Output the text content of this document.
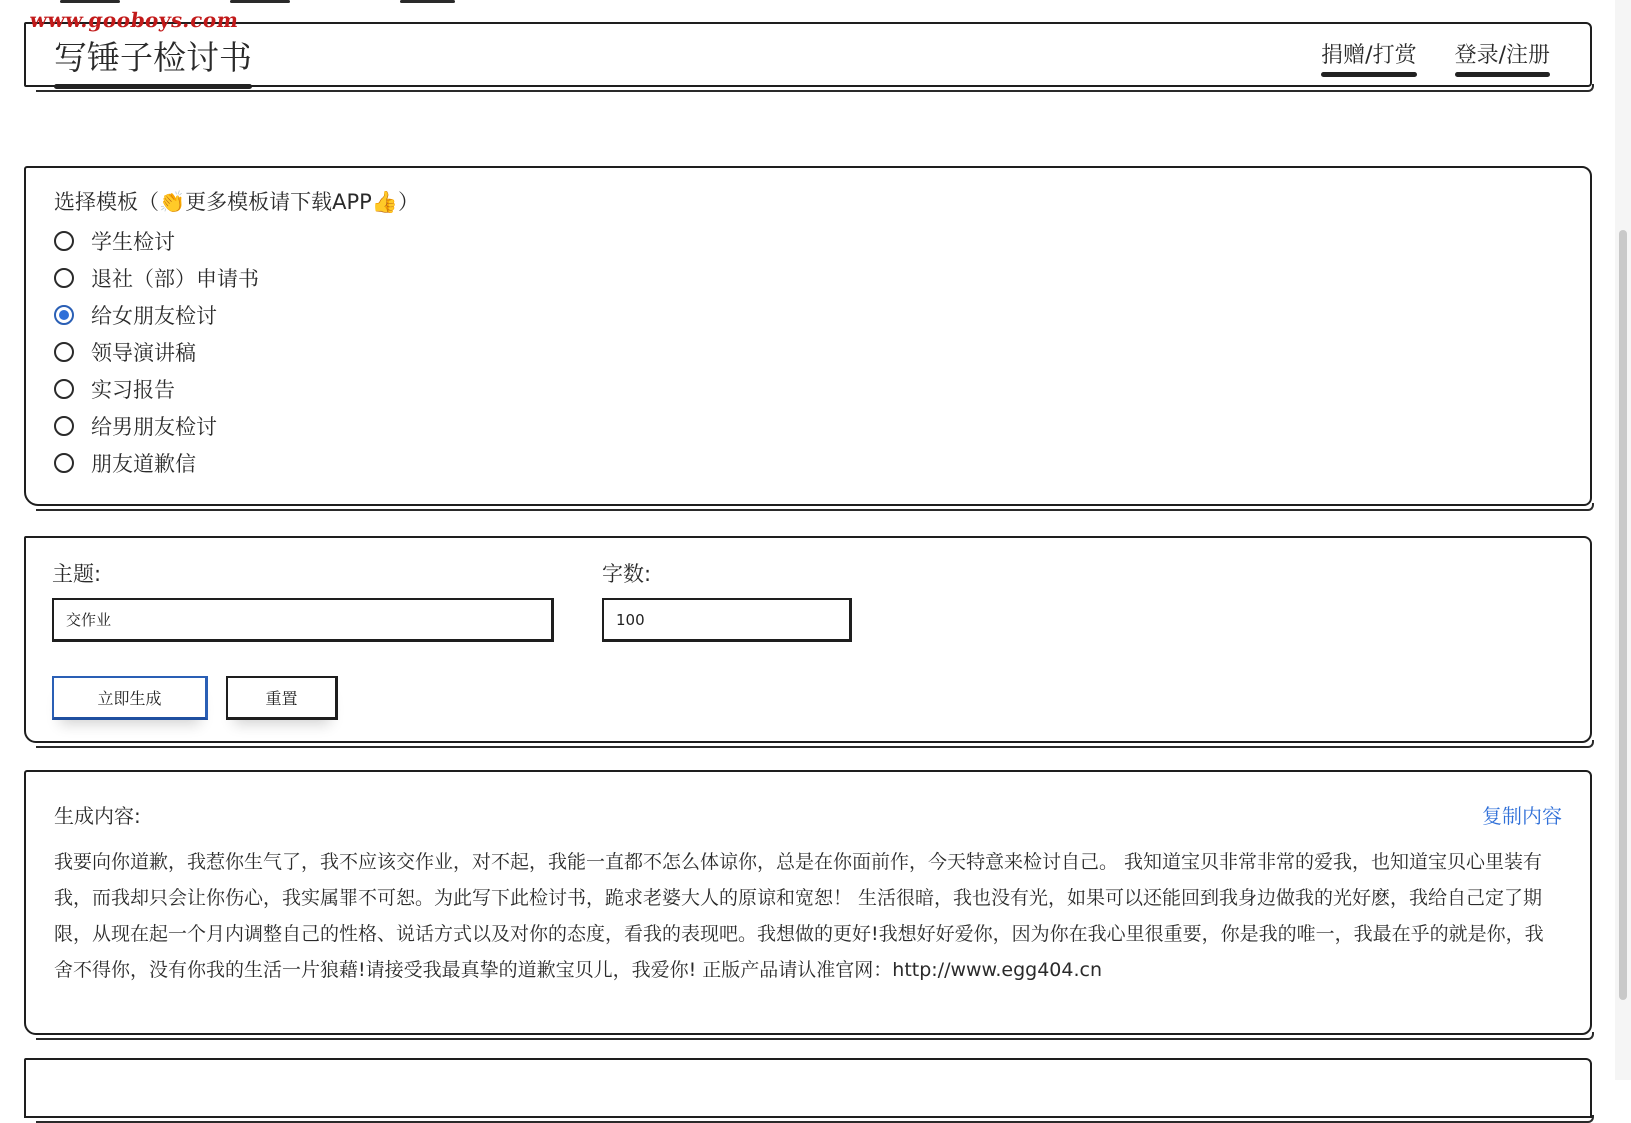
www.gooboys.com
写锤子检讨书	捐赠/打赏 登录/注册
选择模板（👏更多模板请下载APP👍）
学生检讨
退社（部）申请书
给女朋友检讨
领导演讲稿
实习报告
给男朋友检讨
朋友道歉信
主题:
交作业	字数:
100
立即生成	重置
生成内容:	复制内容

我要向你道歉，我惹你生气了，我不应该交作业，对不起，我能一直都不怎么体谅你，总是在你面前作，今天特意来检讨自己。 我知道宝贝非常非常的爱我，也知道宝贝心里装有我，而我却只会让你伤心，我实属罪不可恕。为此写下此检讨书，跪求老婆大人的原谅和宽恕！ 生活很暗，我也没有光，如果可以还能回到我身边做我的光好麽，我给自己定了期限，从现在起一个月内调整自己的性格、说话方式以及对你的态度，看我的表现吧。我想做的更好!我想好好爱你，因为你在我心里很重要，你是我的唯一，我最在乎的就是你，我舍不得你，没有你我的生活一片狼藉!请接受我最真挚的道歉宝贝儿，我爱你! 正版产品请认准官网：http://www.egg404.cn
